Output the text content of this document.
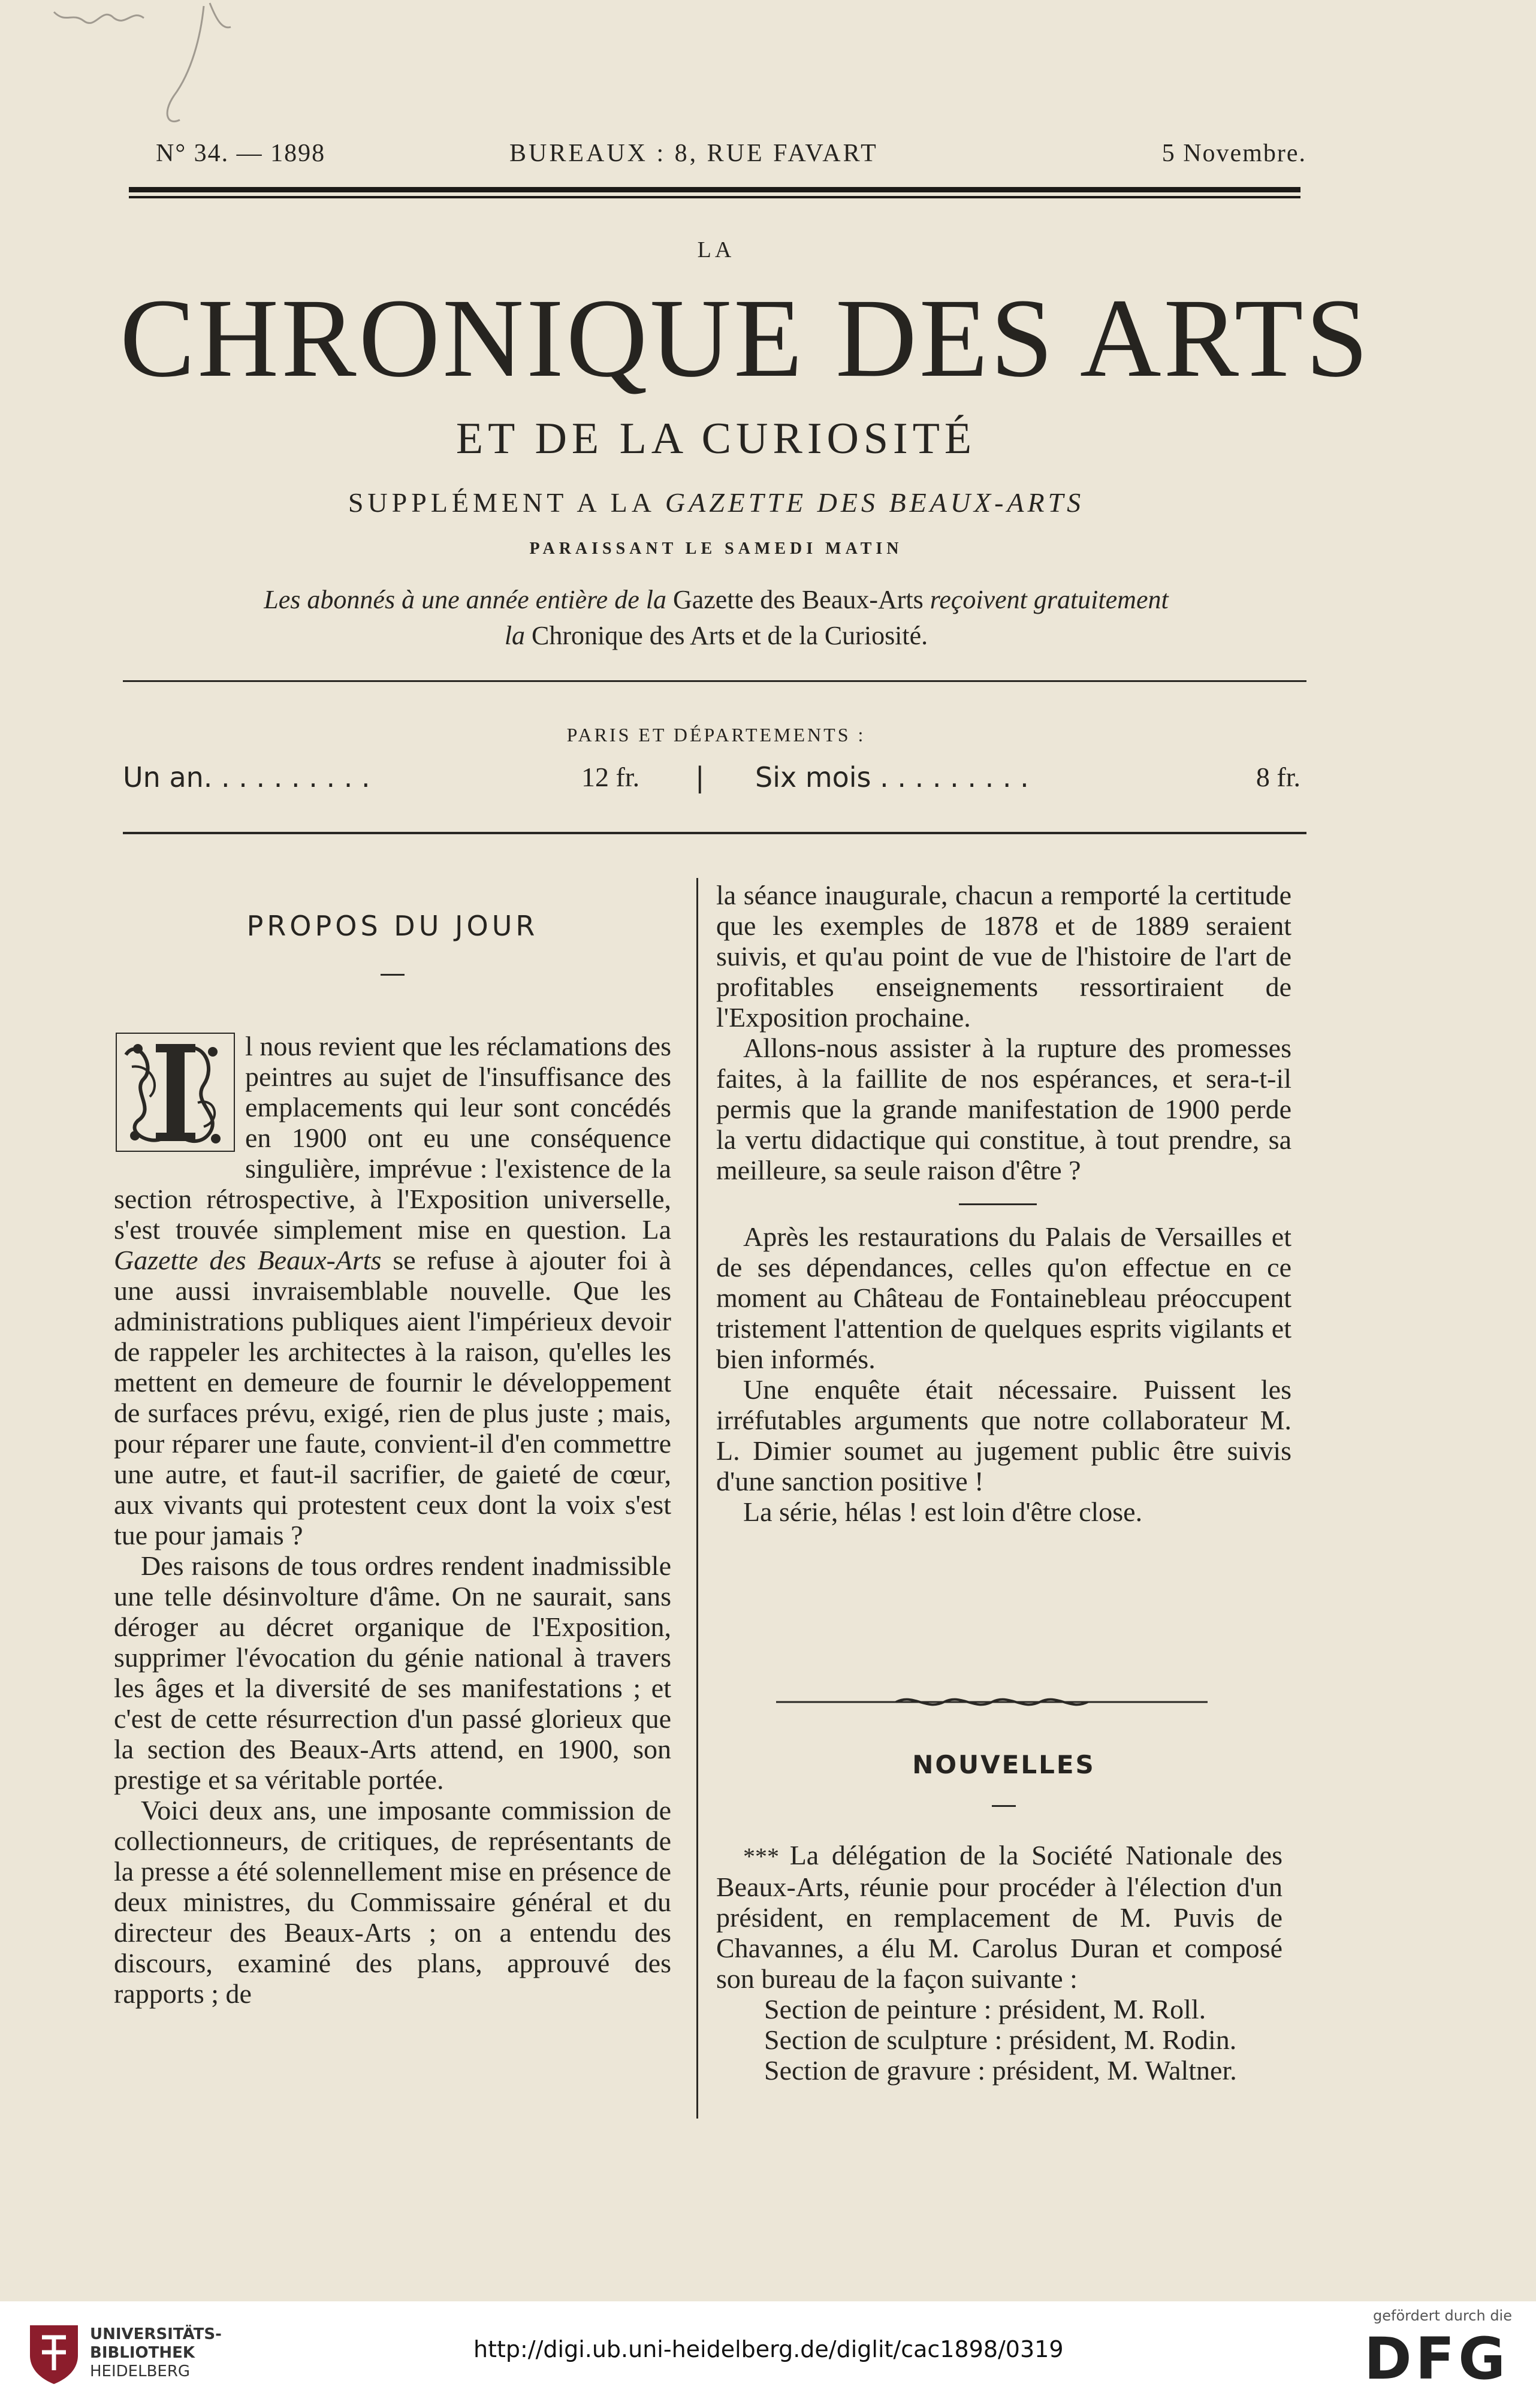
N° 34. — 1898	BUREAUX : 8, RUE FAVART	5 Novembre.
LA
CHRONIQUE DES ARTS
ET DE LA CURIOSITÉ
SUPPLÉMENT A LA GAZETTE DES BEAUX-ARTS
PARAISSANT LE SAMEDI MATIN
Les abonnés à une année entière de la Gazette des Beaux-Arts reçoivent gratuitement
la Chronique des Arts et de la Curiosité.
PARIS ET DÉPARTEMENTS :
Un an. . . . . . . . . .	12 fr. | Six mois . . . . . . . . .	8 fr.
PROPOS DU JOUR

l nous revient que les réclamations des peintres au sujet de l'insuffisance des emplacements qui leur sont concédés en 1900 ont eu une conséquence singulière, imprévue : l'existence de la section rétrospective, à l'Exposition universelle, s'est trouvée simplement mise en question. La Gazette des Beaux-Arts se refuse à ajouter foi à une aussi invraisemblable nouvelle. Que les administrations publiques aient l'impérieux devoir de rappeler les architectes à la raison, qu'elles les mettent en demeure de fournir le développement de surfaces prévu, exigé, rien de plus juste ; mais, pour réparer une faute, convient-il d'en commettre une autre, et faut-il sacrifier, de gaieté de cœur, aux vivants qui protestent ceux dont la voix s'est tue pour jamais ?

Des raisons de tous ordres rendent inadmissible une telle désinvolture d'âme. On ne saurait, sans déroger au décret organique de l'Exposition, supprimer l'évocation du génie national à travers les âges et la diversité de ses manifestations ; et c'est de cette résurrection d'un passé glorieux que la section des Beaux-Arts attend, en 1900, son prestige et sa véritable portée.

Voici deux ans, une imposante commission de collectionneurs, de critiques, de représentants de la presse a été solennellement mise en présence de deux ministres, du Commissaire général et du directeur des Beaux-Arts ; on a entendu des discours, examiné des plans, approuvé des rapports ; de

la séance inaugurale, chacun a remporté la certitude que les exemples de 1878 et de 1889 seraient suivis, et qu'au point de vue de l'histoire de l'art de profitables enseignements ressortiraient de l'Exposition prochaine.

Allons-nous assister à la rupture des promesses faites, à la faillite de nos espérances, et sera-t-il permis que la grande manifestation de 1900 perde la vertu didactique qui constitue, à tout prendre, sa meilleure, sa seule raison d'être ?

Après les restaurations du Palais de Versailles et de ses dépendances, celles qu'on effectue en ce moment au Château de Fontainebleau préoccupent tristement l'attention de quelques esprits vigilants et bien informés.

Une enquête était nécessaire. Puissent les irréfutables arguments que notre collaborateur M. L. Dimier soumet au jugement public être suivis d'une sanction positive !

La série, hélas ! est loin d'être close.

NOUVELLES

* * * La délégation de la Société Nationale des Beaux-Arts, réunie pour procéder à l'élection d'un président, en remplacement de M. Puvis de Chavannes, a élu M. Carolus Duran et composé son bureau de la façon suivante :

Section de peinture : président, M. Roll.

Section de sculpture : président, M. Rodin.

Section de gravure : président, M. Waltner.

UNIVERSITÄTS-
BIBLIOTHEK
HEIDELBERG
http://digi.ub.uni-heidelberg.de/diglit/cac1898/0319
gefördert durch die
DFG
